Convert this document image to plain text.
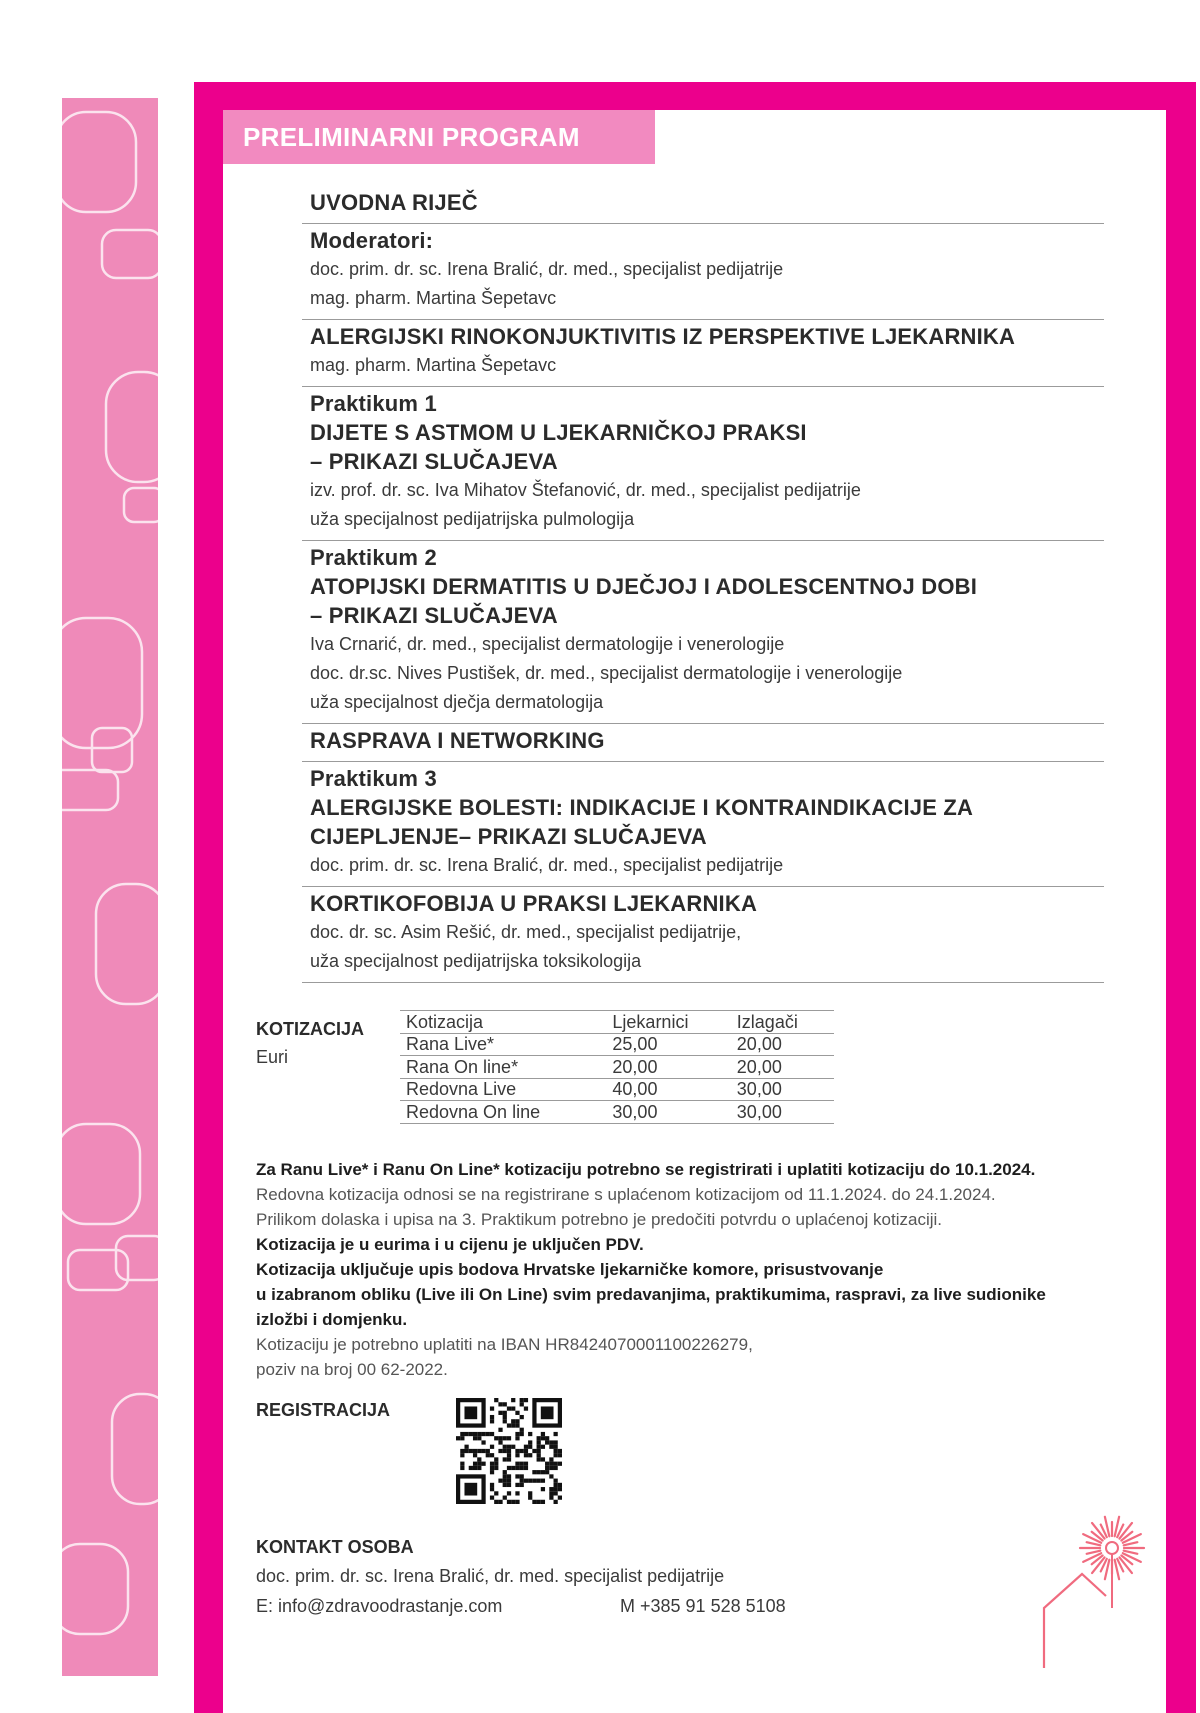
PRELIMINARNI PROGRAM
UVODNA RIJEČ
Moderatori:
doc. prim. dr. sc. Irena Bralić, dr. med., specijalist pedijatrije
mag. pharm. Martina Šepetavc
ALERGIJSKI RINOKONJUKTIVITIS IZ PERSPEKTIVE LJEKARNIKA
mag. pharm. Martina Šepetavc
Praktikum 1
DIJETE S ASTMOM U LJEKARNIČKOJ PRAKSI
– PRIKAZI SLUČAJEVA
izv. prof. dr. sc. Iva Mihatov Štefanović, dr. med., specijalist pedijatrije
uža specijalnost pedijatrijska pulmologija
Praktikum 2
ATOPIJSKI DERMATITIS U DJEČJOJ I ADOLESCENTNOJ DOBI
– PRIKAZI SLUČAJEVA
Iva Crnarić, dr. med., specijalist dermatologije i venerologije
doc. dr.sc. Nives Pustišek, dr. med., specijalist dermatologije i venerologije
uža specijalnost dječja dermatologija
RASPRAVA I NETWORKING
Praktikum 3
ALERGIJSKE BOLESTI: INDIKACIJE I KONTRAINDIKACIJE ZA
CIJEPLJENJE– PRIKAZI SLUČAJEVA
doc. prim. dr. sc. Irena Bralić, dr. med., specijalist pedijatrije
KORTIKOFOBIJA U PRAKSI LJEKARNIKA
doc. dr. sc. Asim Rešić, dr. med., specijalist pedijatrije,
uža specijalnost pedijatrijska toksikologija
KOTIZACIJA
Euri
Kotizacija	Ljekarnici	Izlagači
Rana Live*	25,00	20,00
Rana On line*	20,00	20,00
Redovna Live	40,00	30,00
Redovna On line	30,00	30,00
Za Ranu Live* i Ranu On Line* kotizaciju potrebno se registrirati i uplatiti kotizaciju do 10.1.2024.
Redovna kotizacija odnosi se na registrirane s uplaćenom kotizacijom od 11.1.2024. do 24.1.2024.
Prilikom dolaska i upisa na 3. Praktikum potrebno je predočiti potvrdu o uplaćenoj kotizaciji.
Kotizacija je u eurima i u cijenu je uključen PDV.
Kotizacija uključuje upis bodova Hrvatske ljekarničke komore, prisustvovanje
u izabranom obliku (Live ili On Line) svim predavanjima, praktikumima, raspravi, za live sudionike
izložbi i domjenku.
Kotizaciju je potrebno uplatiti na IBAN HR8424070001100226279,
poziv na broj 00 62-2022.
REGISTRACIJA
KONTAKT OSOBA
doc. prim. dr. sc. Irena Bralić, dr. med. specijalist pedijatrije
E: info@zdravoodrastanje.com	M +385 91 528 5108
